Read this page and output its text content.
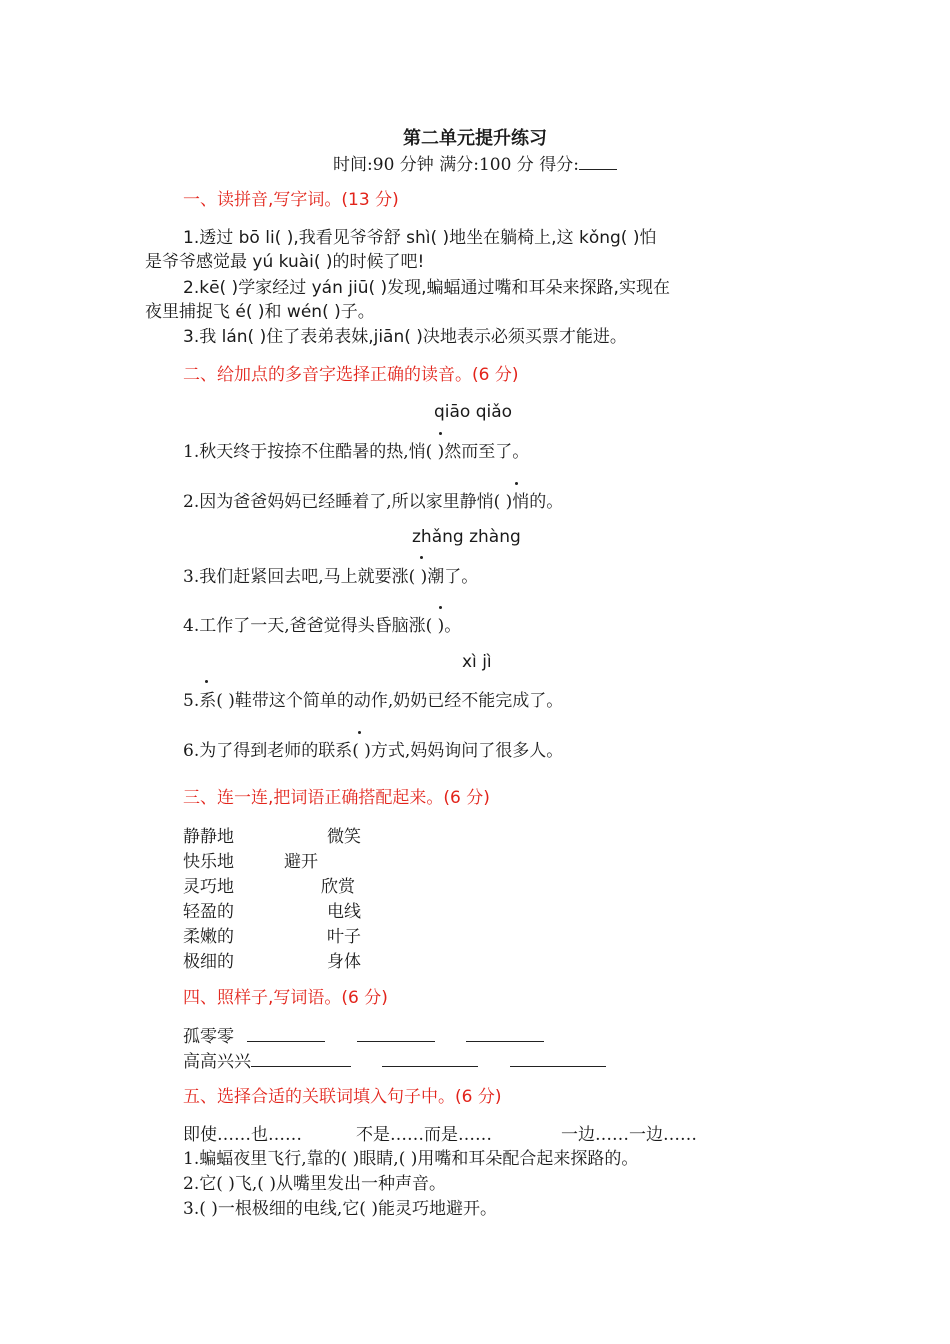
第二单元提升练习
时间:90 分钟 满分:100 分 得分:
一、读拼音,写字词。(13 分)
1.透过 bō li( ),我看见爷爷舒 shì( )地坐在躺椅上,这 kǒng( )怕
是爷爷感觉最 yú kuài( )的时候了吧!
2.kē( )学家经过 yán jiū( )发现,蝙蝠通过嘴和耳朵来探路,实现在
夜里捕捉飞 é( )和 wén( )子。
3.我 lán( )住了表弟表妹,jiān( )决地表示必须买票才能进。
二、给加点的多音字选择正确的读音。(6 分)
qiāo qiǎo
1.秋天终于按捺不住酷暑的热,悄( )然而至了。
2.因为爸爸妈妈已经睡着了,所以家里静悄( )悄的。
zhǎng zhàng
3.我们赶紧回去吧,马上就要涨( )潮了。
4.工作了一天,爸爸觉得头昏脑涨( )。
xì jì
5.系( )鞋带这个简单的动作,奶奶已经不能完成了。
6.为了得到老师的联系( )方式,妈妈询问了很多人。
三、连一连,把词语正确搭配起来。(6 分)
静静地
快乐地
灵巧地
轻盈的
柔嫩的
极细的
微笑
避开
欣赏
电线
叶子
身体
四、照样子,写词语。(6 分)
孤零零
高高兴兴
五、选择合适的关联词填入句子中。(6 分)
即使……也……	不是……而是……	一边……一边……
1.蝙蝠夜里飞行,靠的( )眼睛,( )用嘴和耳朵配合起来探路的。
2.它( )飞,( )从嘴里发出一种声音。
3.( )一根极细的电线,它( )能灵巧地避开。
